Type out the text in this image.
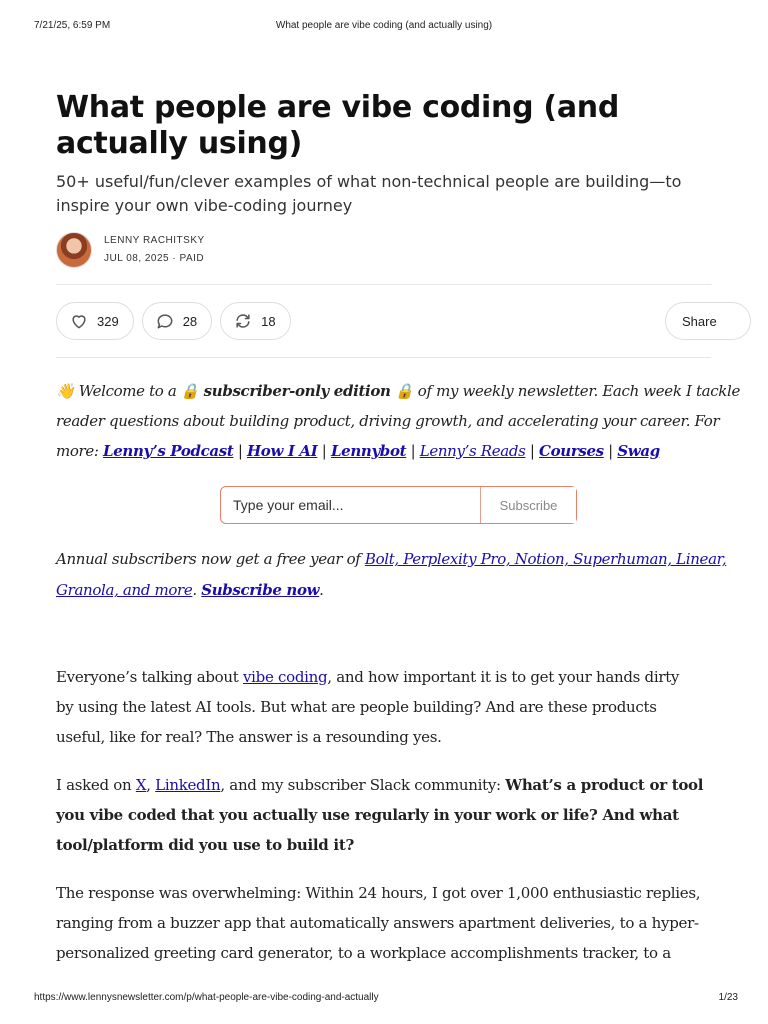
7/21/25, 6:59 PM	What people are vibe coding (and actually using)
What people are vibe coding (and actually using)
50+ useful/fun/clever examples of what non-technical people are building—to inspire your own vibe-coding journey
LENNY RACHITSKY
JUL 08, 2025 · PAID
329	28	18	Share
👋 Welcome to a 🔒 subscriber-only edition 🔒 of my weekly newsletter. Each week I tackle
reader questions about building product, driving growth, and accelerating your career. For
more: Lenny’s Podcast | How I AI | Lennybot | Lenny’s Reads | Courses | Swag
Type your email...
Subscribe
Annual subscribers now get a free year of Bolt, Perplexity Pro, Notion, Superhuman, Linear,
Granola, and more. Subscribe now.
Everyone’s talking about vibe coding, and how important it is to get your hands dirty
by using the latest AI tools. But what are people building? And are these products
useful, like for real? The answer is a resounding yes.
I asked on X, LinkedIn, and my subscriber Slack community: What’s a product or tool
you vibe coded that you actually use regularly in your work or life? And what
tool/platform did you use to build it?
The response was overwhelming: Within 24 hours, I got over 1,000 enthusiastic replies,
ranging from a buzzer app that automatically answers apartment deliveries, to a hyper-
personalized greeting card generator, to a workplace accomplishments tracker, to a
https://www.lennysnewsletter.com/p/what-people-are-vibe-coding-and-actually	1/23
